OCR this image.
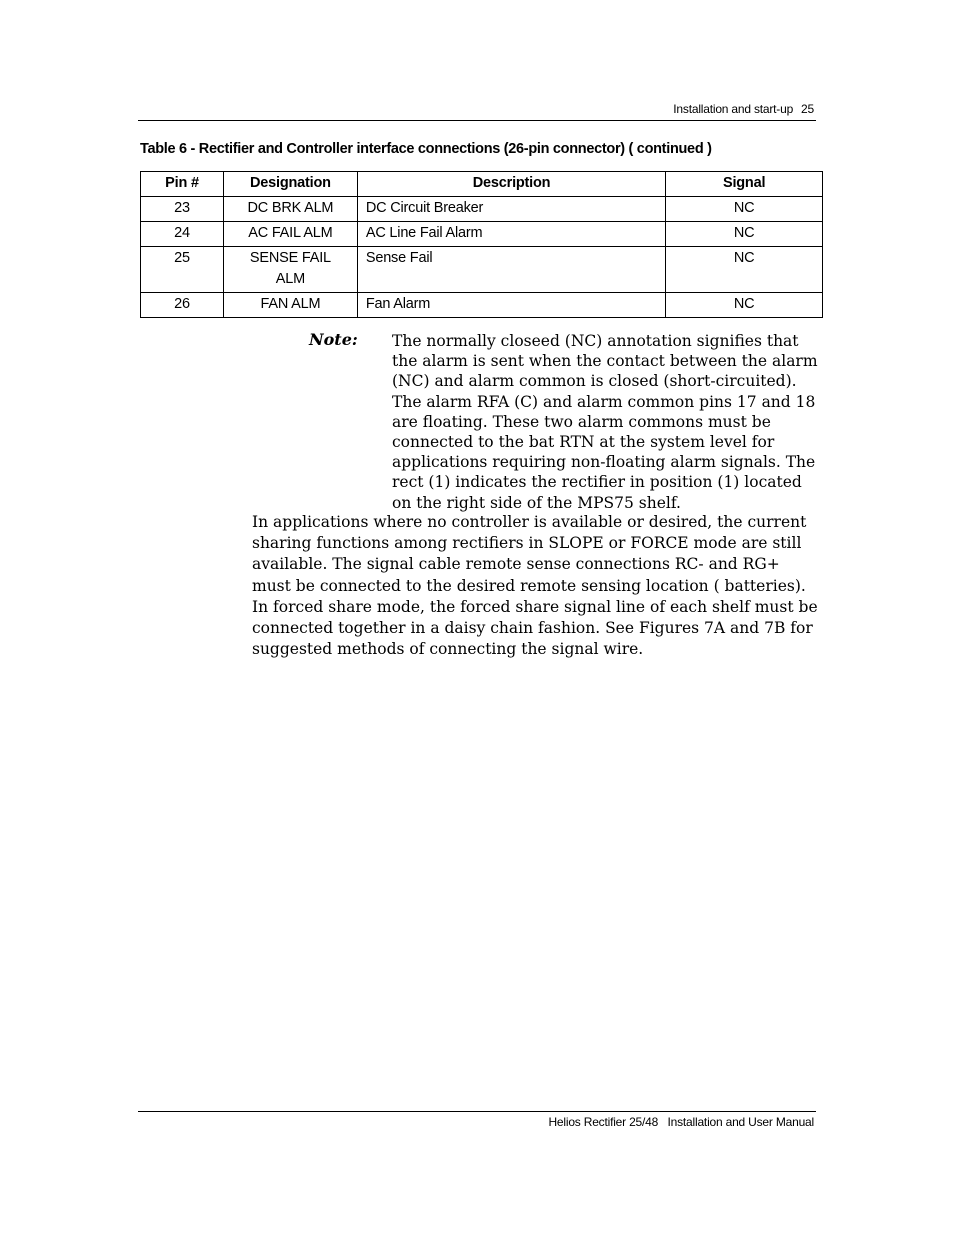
Installation and start-up 25
Table 6 - Rectifier and Controller interface connections (26-pin connector) ( continued )
Pin #	Designation	Description	Signal
23	DC BRK ALM	DC Circuit Breaker	NC
24	AC FAIL ALM	AC Line Fail Alarm	NC
25	SENSE FAIL ALM	Sense Fail	NC
26	FAN ALM	Fan Alarm	NC
Note: The normally closeed (NC) annotation signifies that the alarm is sent when the contact between the alarm (NC) and alarm common is closed (short-circuited). The alarm RFA (C) and alarm common pins 17 and 18 are floating. These two alarm commons must be connected to the bat RTN at the system level for applications requiring non-floating alarm signals. The rect (1) indicates the rectifier in position (1) located on the right side of the MPS75 shelf.
In applications where no controller is available or desired, the current sharing functions among rectifiers in SLOPE or FORCE mode are still available. The signal cable remote sense connections RC- and RG+ must be connected to the desired remote sensing location ( batteries). In forced share mode, the forced share signal line of each shelf must be connected together in a daisy chain fashion. See Figures 7A and 7B for suggested methods of connecting the signal wire.
Helios Rectifier 25/48   Installation and User Manual
